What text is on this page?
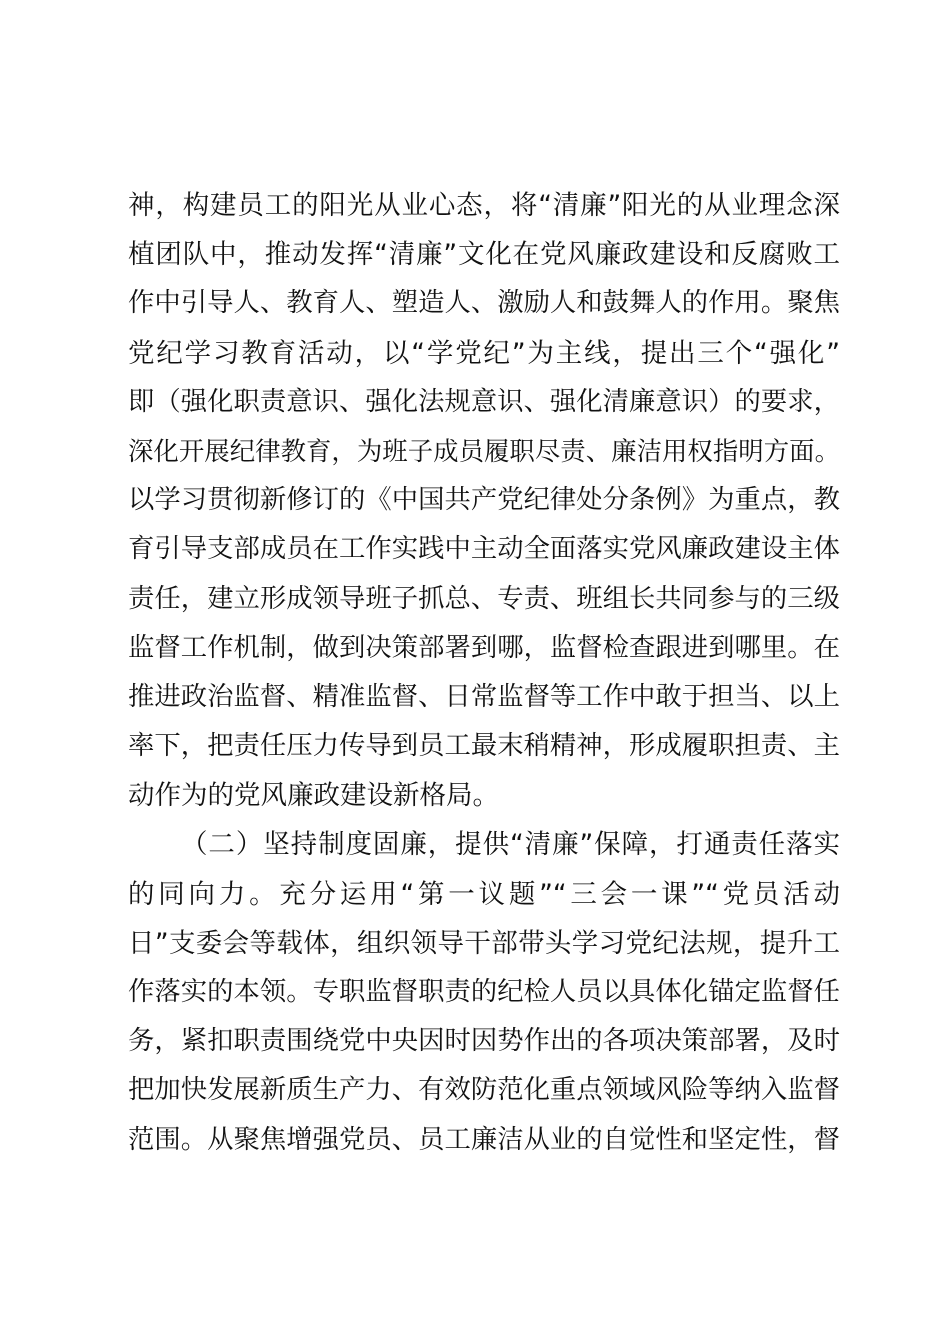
神，构建员工的阳光从业心态，将“清廉”阳光的从业理念深
植团队中，推动发挥“清廉”文化在党风廉政建设和反腐败工
作中引导人、教育人、塑造人、激励人和鼓舞人的作用。聚焦
党纪学习教育活动，以“学党纪”为主线，提出三个“强化”
即（强化职责意识、强化法规意识、强化清廉意识）的要求，
深化开展纪律教育，为班子成员履职尽责、廉洁用权指明方面。
以学习贯彻新修订的《中国共产党纪律处分条例》为重点，教
育引导支部成员在工作实践中主动全面落实党风廉政建设主体
责任，建立形成领导班子抓总、专责、班组长共同参与的三级
监督工作机制，做到决策部署到哪，监督检查跟进到哪里。在
推进政治监督、精准监督、日常监督等工作中敢于担当、以上
率下，把责任压力传导到员工最末稍精神，形成履职担责、主
动作为的党风廉政建设新格局。
（二）坚持制度固廉，提供“清廉”保障，打通责任落实
的同向力。充分运用“第一议题”“三会一课”“党员活动
日”支委会等载体，组织领导干部带头学习党纪法规，提升工
作落实的本领。专职监督职责的纪检人员以具体化锚定监督任
务，紧扣职责围绕党中央因时因势作出的各项决策部署，及时
把加快发展新质生产力、有效防范化重点领域风险等纳入监督
范围。从聚焦增强党员、员工廉洁从业的自觉性和坚定性，督
